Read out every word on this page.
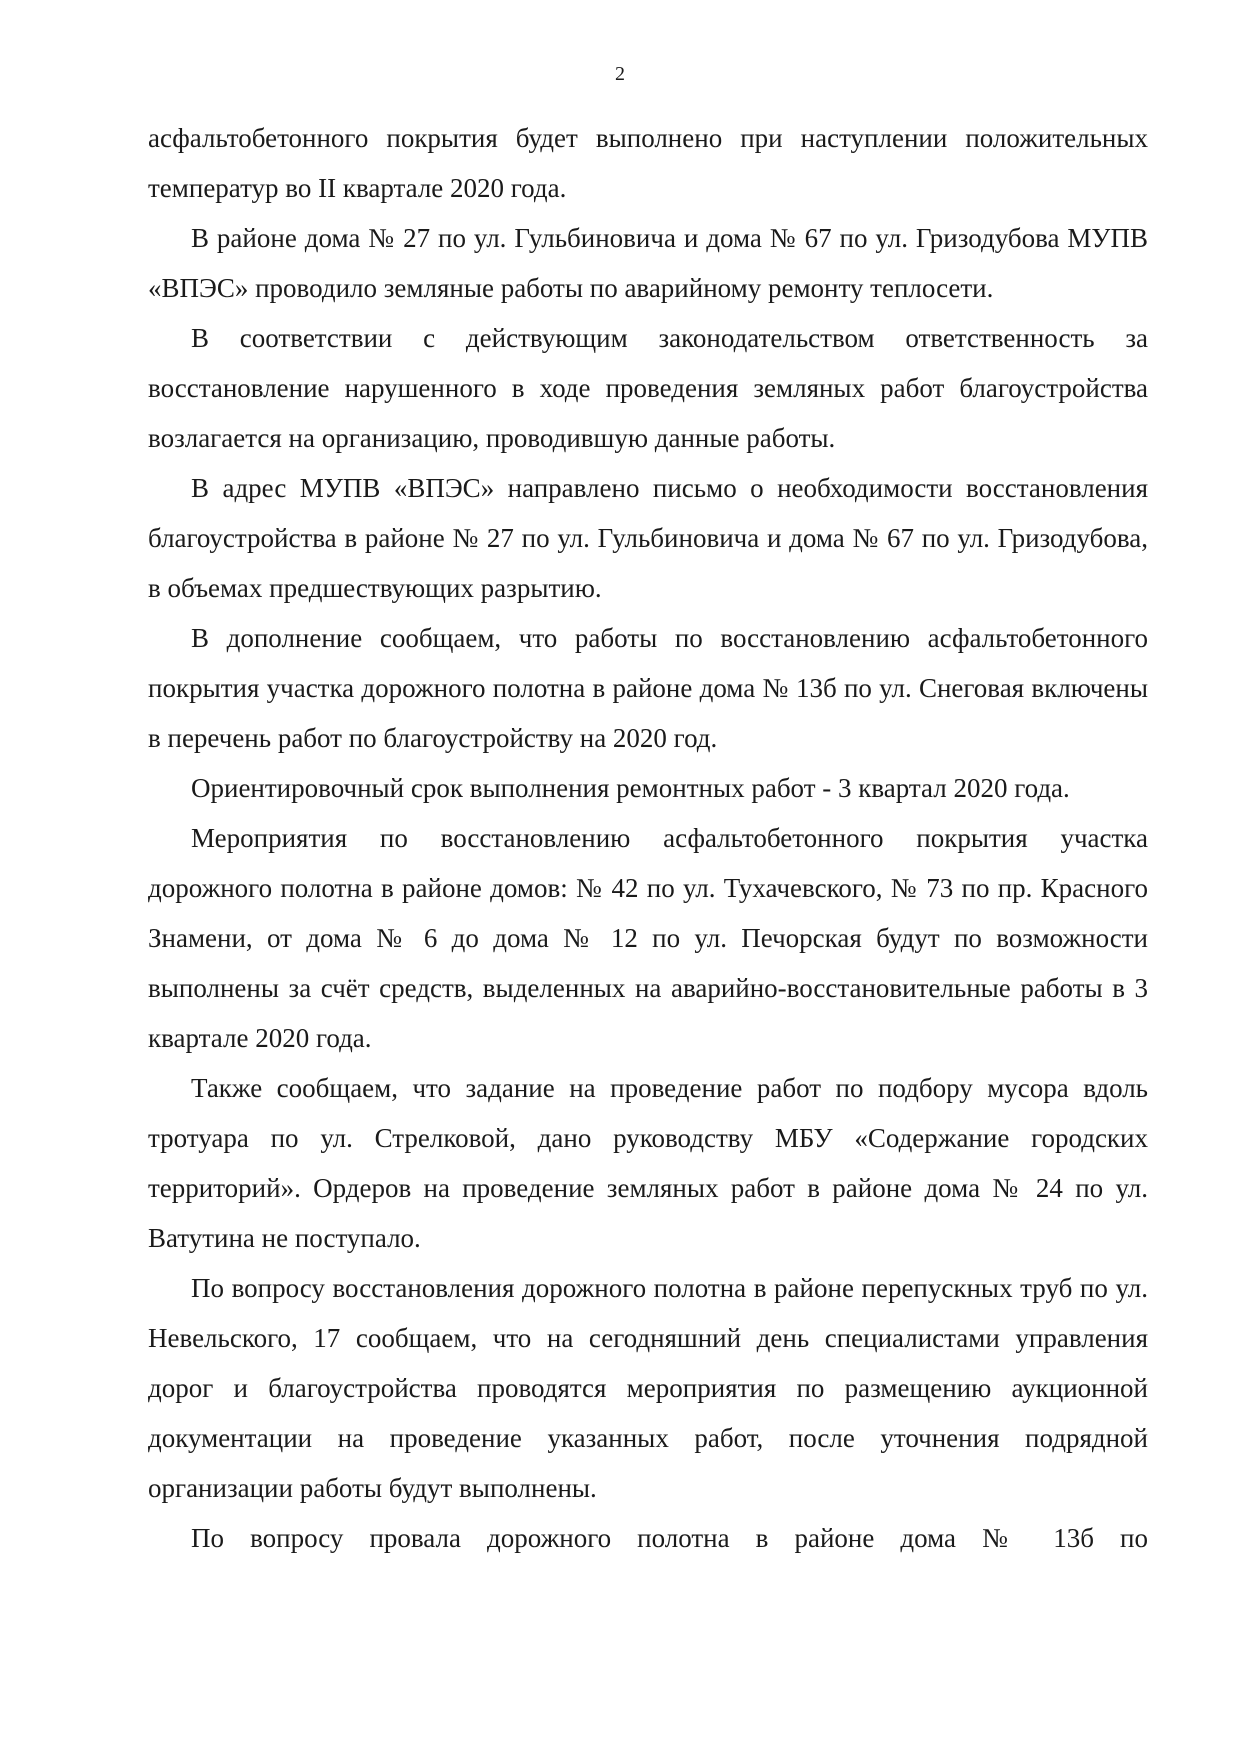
2

асфальтобетонного покрытия будет выполнено при наступлении положительных температур во II квартале 2020 года.

В районе дома № 27 по ул. Гульбиновича и дома № 67 по ул. Гризодубова МУПВ «ВПЭС» проводило земляные работы по аварийному ремонту теплосети.

В соответствии с действующим законодательством ответственность за восстановление нарушенного в ходе проведения земляных работ благоустройства возлагается на организацию, проводившую данные работы.

В адрес МУПВ «ВПЭС» направлено письмо о необходимости восстановления благоустройства в районе № 27 по ул. Гульбиновича и дома № 67 по ул. Гризодубова, в объемах предшествующих разрытию.

В дополнение сообщаем, что работы по восстановлению асфальтобетонного покрытия участка дорожного полотна в районе дома № 13б по ул. Снеговая включены в перечень работ по благоустройству на 2020 год.

Ориентировочный срок выполнения ремонтных работ - 3 квартал 2020 года.

Мероприятия по восстановлению асфальтобетонного покрытия участка дорожного полотна в районе домов: № 42 по ул. Тухачевского, № 73 по пр. Красного Знамени, от дома № 6 до дома № 12 по ул. Печорская будут по возможности выполнены за счёт средств, выделенных на аварийно-восстановительные работы в 3 квартале 2020 года.

Также сообщаем, что задание на проведение работ по подбору мусора вдоль тротуара по ул. Стрелковой, дано руководству МБУ «Содержание городских территорий». Ордеров на проведение земляных работ в районе дома № 24 по ул. Ватутина не поступало.

По вопросу восстановления дорожного полотна в районе перепускных труб по ул. Невельского, 17 сообщаем, что на сегодняшний день специалистами управления дорог и благоустройства проводятся мероприятия по размещению аукционной документации на проведение указанных работ, после уточнения подрядной организации работы будут выполнены.

По вопросу провала дорожного полотна в районе дома № 13б по
